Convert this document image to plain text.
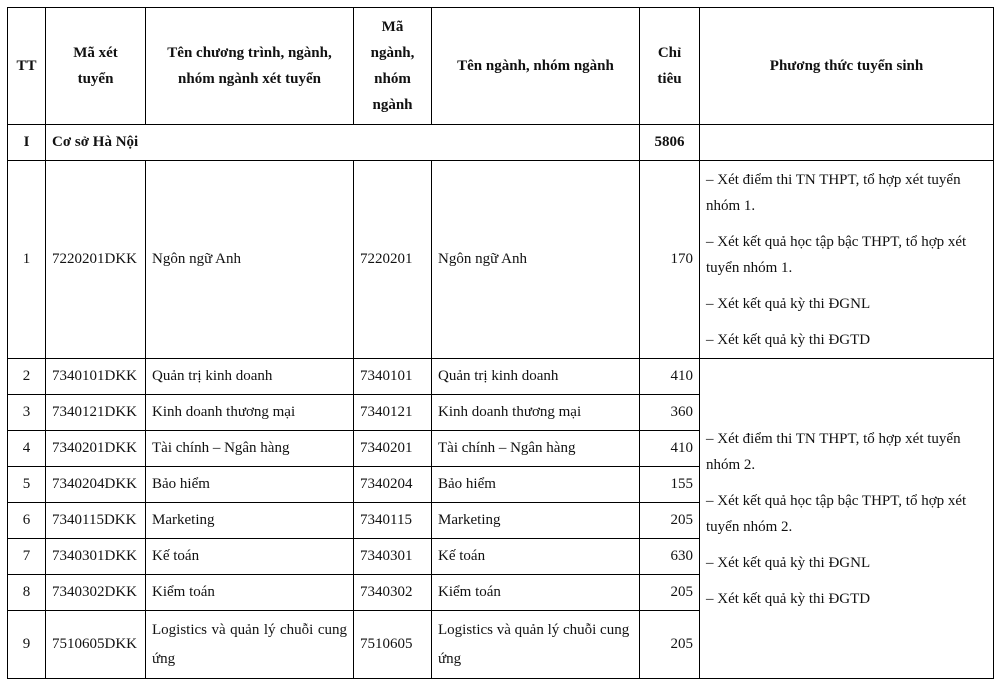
TT	Mã xét tuyển	Tên chương trình, ngành, nhóm ngành xét tuyển	Mã ngành, nhóm ngành	Tên ngành, nhóm ngành	Chỉ tiêu	Phương thức tuyển sinh
I	Cơ sở Hà Nội				5806	
1	7220201DKK	Ngôn ngữ Anh	7220201	Ngôn ngữ Anh	170	– Xét điểm thi TN THPT, tổ hợp xét tuyển nhóm 1.

– Xét kết quả học tập bậc THPT, tổ hợp xét tuyển nhóm 1.

– Xét kết quả kỳ thi ĐGNL

– Xét kết quả kỳ thi ĐGTD

2	7340101DKK	Quản trị kinh doanh	7340101	Quản trị kinh doanh	410	– Xét điểm thi TN THPT, tổ hợp xét tuyển nhóm 2.

– Xét kết quả học tập bậc THPT, tổ hợp xét tuyển nhóm 2.

– Xét kết quả kỳ thi ĐGNL

– Xét kết quả kỳ thi ĐGTD

3	7340121DKK	Kinh doanh thương mại	7340121	Kinh doanh thương mại	360	
4	7340201DKK	Tài chính – Ngân hàng	7340201	Tài chính – Ngân hàng	410	
5	7340204DKK	Bảo hiểm	7340204	Bảo hiểm	155	
6	7340115DKK	Marketing	7340115	Marketing	205	
7	7340301DKK	Kế toán	7340301	Kế toán	630	
8	7340302DKK	Kiểm toán	7340302	Kiểm toán	205	
9	7510605DKK	Logistics và quản lý chuỗi cung ứng	7510605	Logistics và quản lý chuỗi cung ứng	205	
